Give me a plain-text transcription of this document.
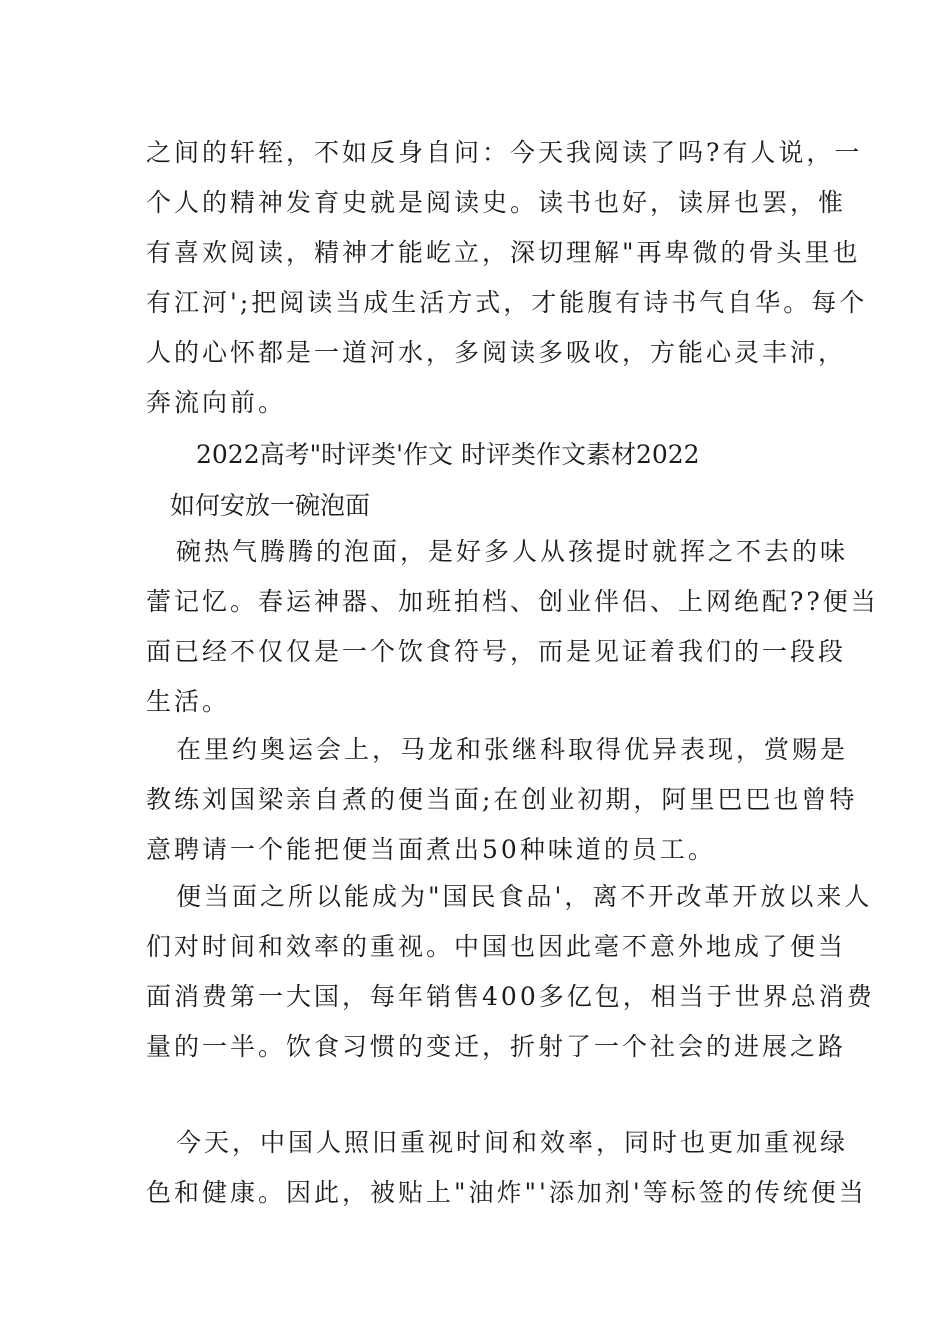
之间的轩轾，不如反身自问：今天我阅读了吗?有人说，一
个人的精神发育史就是阅读史。读书也好，读屏也罢，惟
有喜欢阅读，精神才能屹立，深切理解"再卑微的骨头里也
有江河';把阅读当成生活方式，才能腹有诗书气自华。每个
人的心怀都是一道河水，多阅读多吸收，方能心灵丰沛，
奔流向前。
2022高考"时评类'作文 时评类作文素材2022
如何安放一碗泡面
碗热气腾腾的泡面，是好多人从孩提时就挥之不去的味
蕾记忆。春运神器、加班拍档、创业伴侣、上网绝配??便当
面已经不仅仅是一个饮食符号，而是见证着我们的一段段
生活。
在里约奥运会上，马龙和张继科取得优异表现，赏赐是
教练刘国梁亲自煮的便当面;在创业初期，阿里巴巴也曾特
意聘请一个能把便当面煮出50种味道的员工。
便当面之所以能成为"国民食品'，离不开改革开放以来人
们对时间和效率的重视。中国也因此毫不意外地成了便当
面消费第一大国，每年销售400多亿包，相当于世界总消费
量的一半。饮食习惯的变迁，折射了一个社会的进展之路
今天，中国人照旧重视时间和效率，同时也更加重视绿
色和健康。因此，被贴上"油炸"'添加剂'等标签的传统便当
